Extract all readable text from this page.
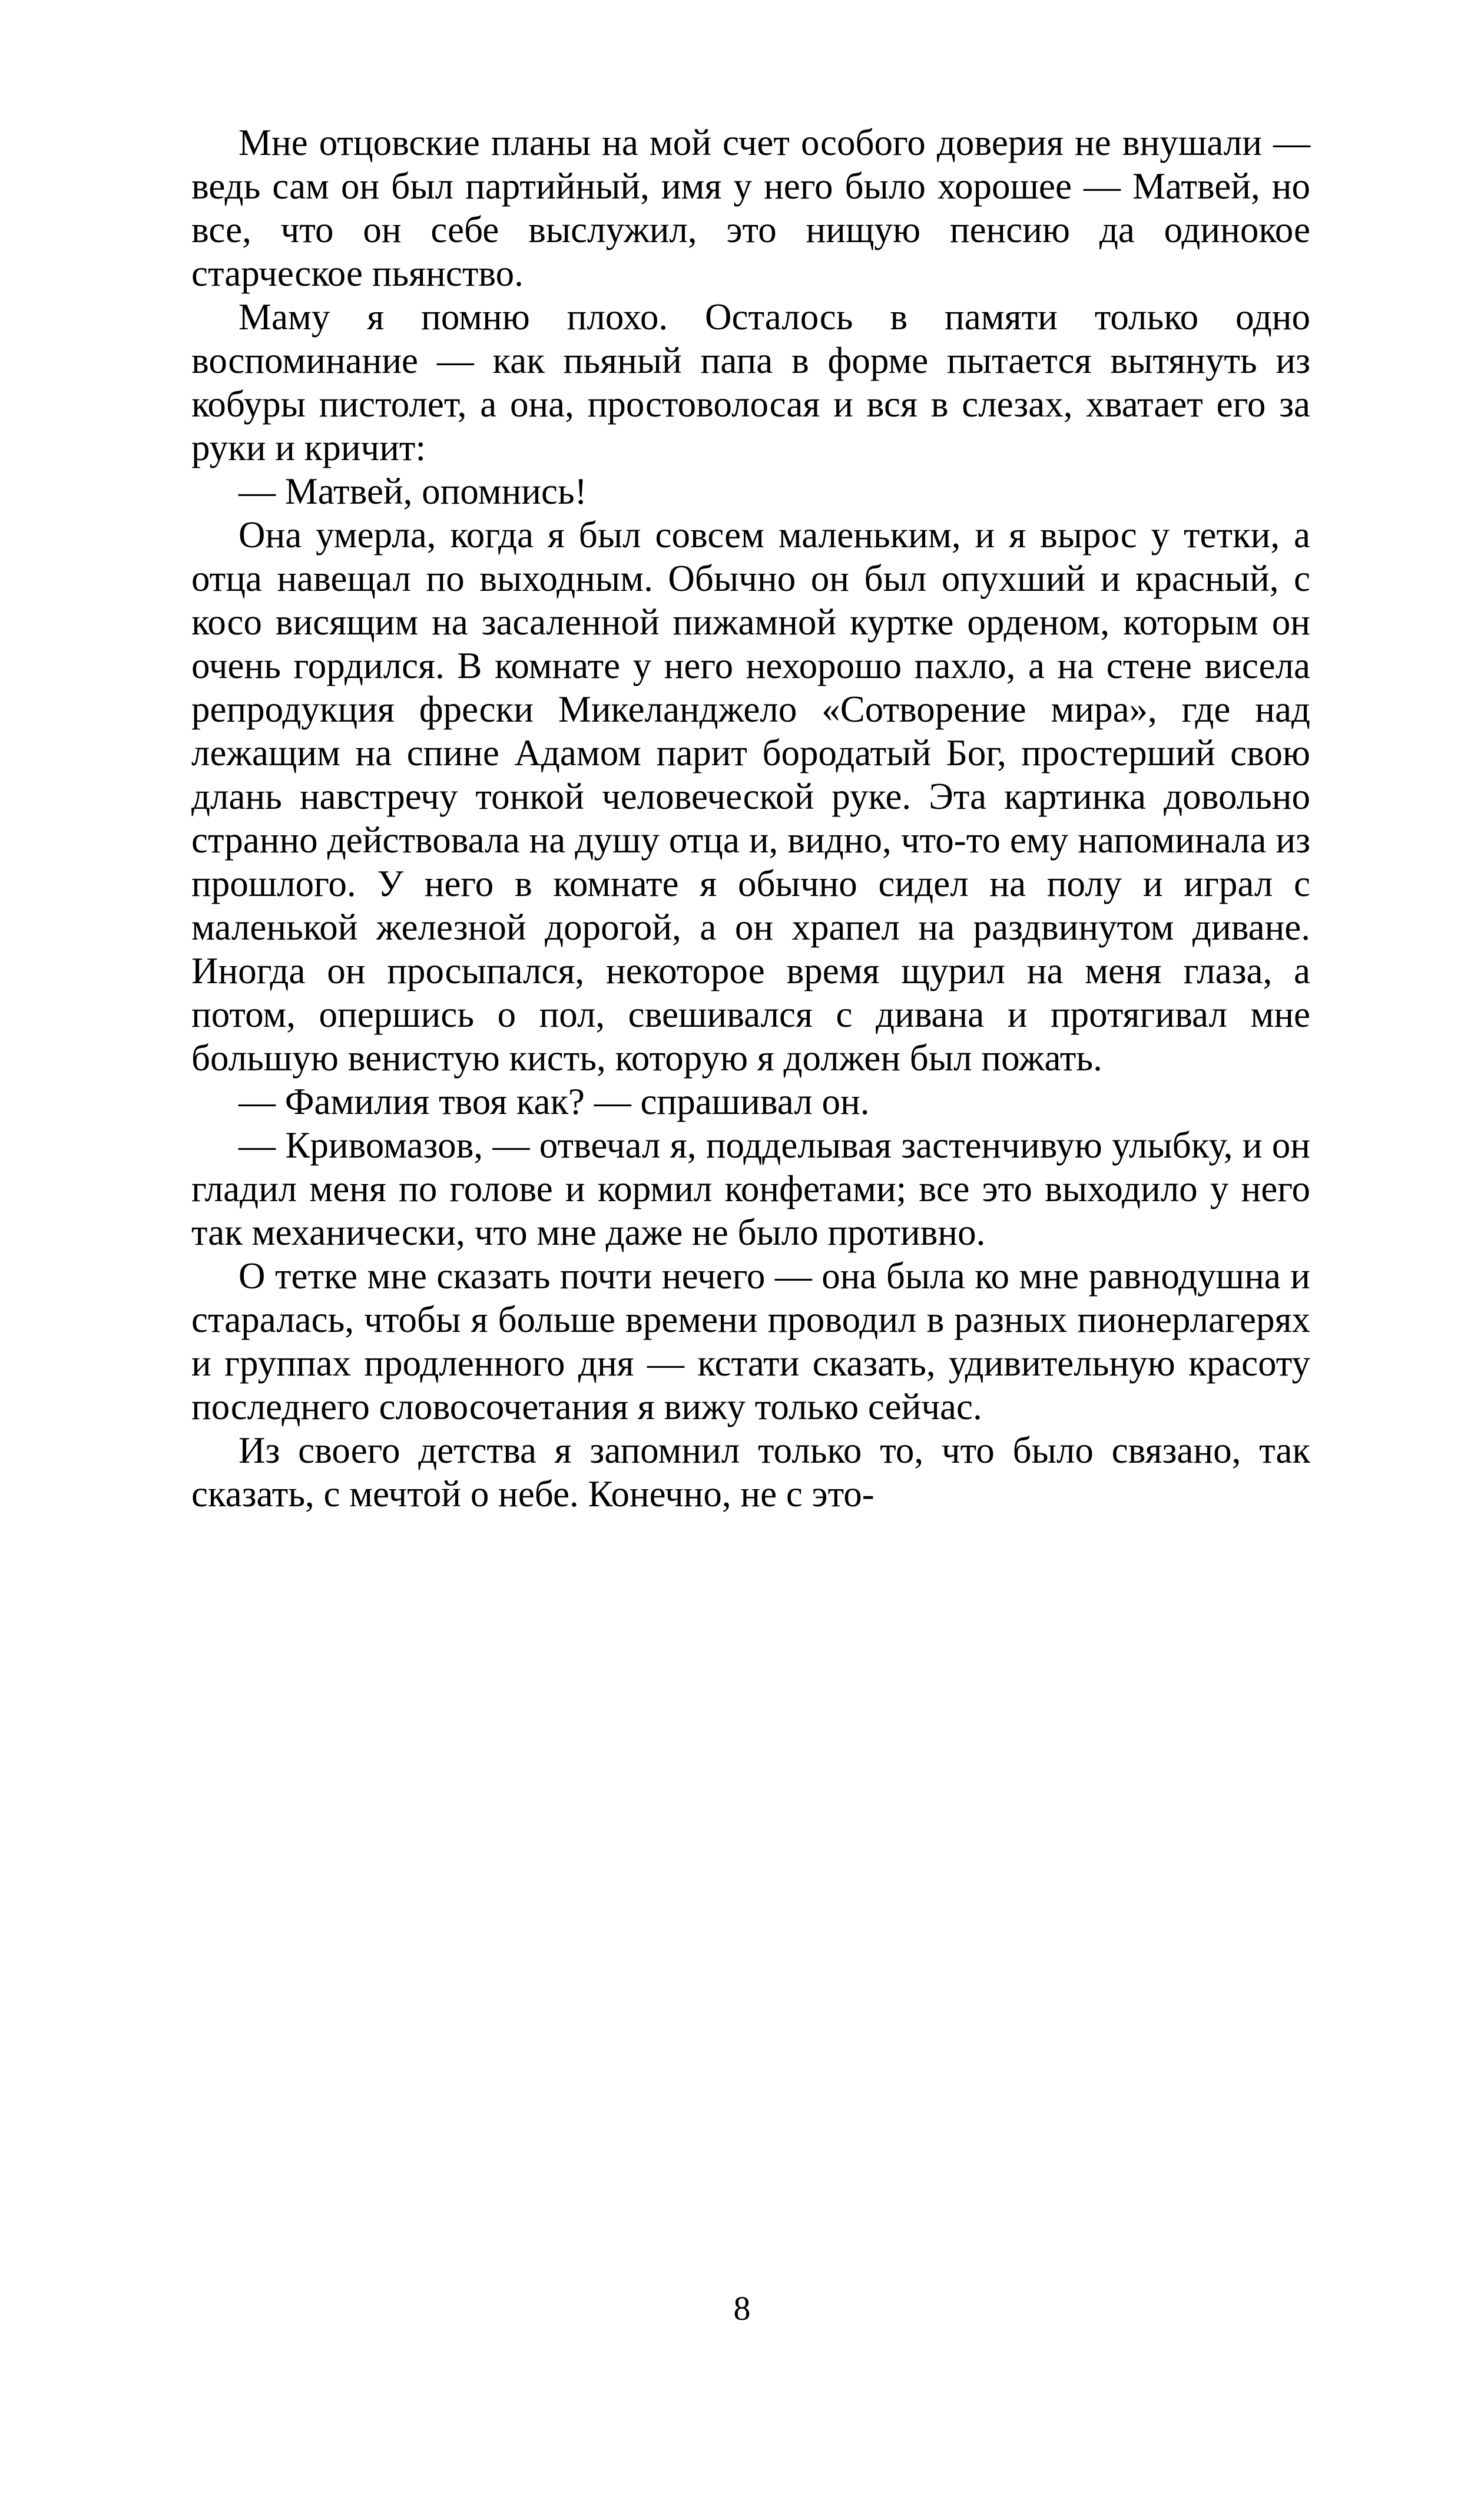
Мне отцовские планы на мой счет особого доверия не внушали — ведь сам он был партийный, имя у него было хорошее — Матвей, но все, что он себе выслужил, это нищую пенсию да одинокое старческое пьянство.

Маму я помню плохо. Осталось в памяти только одно воспоминание — как пьяный папа в форме пытается вытянуть из кобуры пистолет, а она, простоволосая и вся в слезах, хватает его за руки и кричит:

— Матвей, опомнись!

Она умерла, когда я был совсем маленьким, и я вырос у тетки, а отца навещал по выходным. Обычно он был опухший и красный, с косо висящим на засаленной пижамной куртке орденом, которым он очень гордился. В комнате у него нехорошо пахло, а на стене висела репродукция фрески Микеланджело «Сотворение мира», где над лежащим на спине Адамом парит бородатый Бог, простерший свою длань навстречу тонкой человеческой руке. Эта картинка довольно странно действовала на душу отца и, видно, что-то ему напоминала из прошлого. У него в комнате я обычно сидел на полу и играл с маленькой железной дорогой, а он храпел на раздвинутом диване. Иногда он просыпался, некоторое время щурил на меня глаза, а потом, опершись о пол, свешивался с дивана и протягивал мне большую венистую кисть, которую я должен был пожать.

— Фамилия твоя как? — спрашивал он.

— Кривомазов, — отвечал я, подделывая застенчивую улыбку, и он гладил меня по голове и кормил конфетами; все это выходило у него так механически, что мне даже не было противно.

О тетке мне сказать почти нечего — она была ко мне равнодушна и старалась, чтобы я больше времени проводил в разных пионерлагерях и группах продленного дня — кстати сказать, удивительную красоту последнего словосочетания я вижу только сейчас.

Из своего детства я запомнил только то, что было связано, так сказать, с мечтой о небе. Конечно, не с это-

8
